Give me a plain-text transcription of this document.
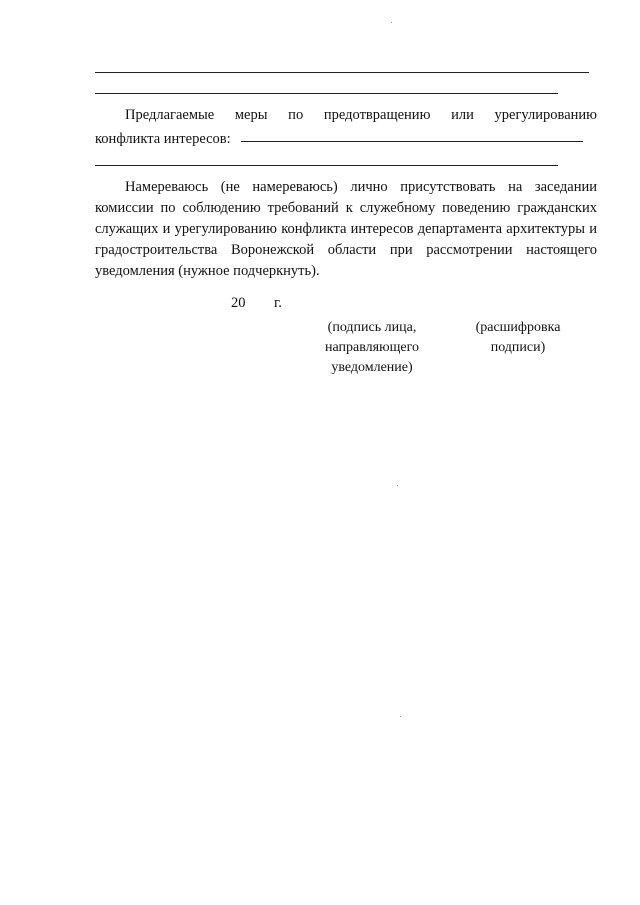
Предлагаемые меры по предотвращению или урегулированию

конфликта интересов:

Намереваюсь (не намереваюсь) лично присутствовать на заседании комиссии по соблюдению требований к служебному поведению гражданских служащих и урегулированию конфликта интересов департамента архитектуры и градостроительства Воронежской области при рассмотрении настоящего уведомления (нужное подчеркнуть).

20 г.
(подпись лица, направляющего уведомление)
(расшифровка подписи)
